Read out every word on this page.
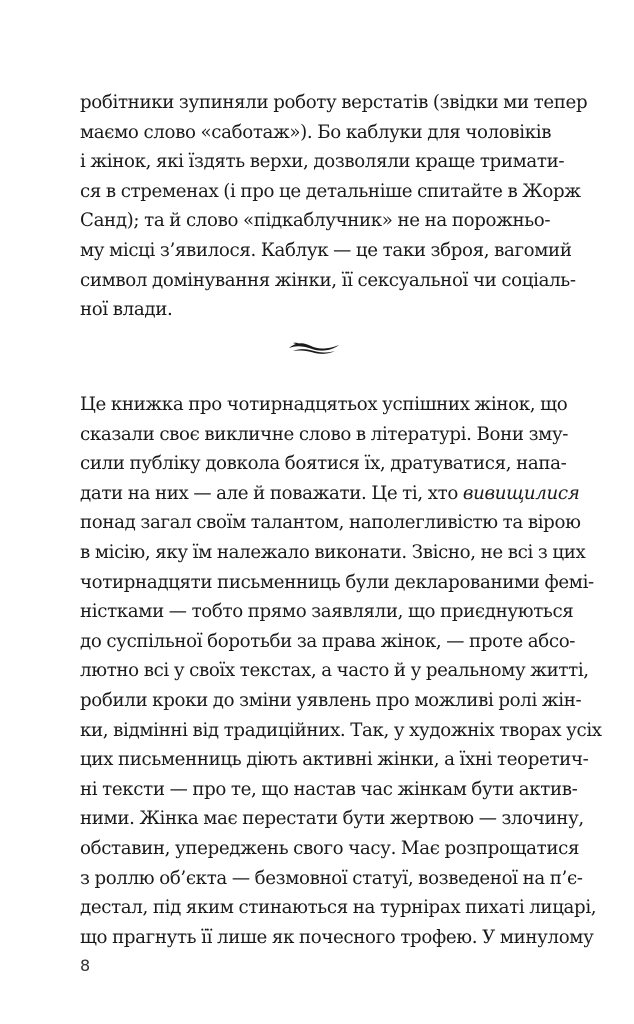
робітники зупиняли роботу верстатів (звідки ми тепер
маємо слово «саботаж»). Бо каблуки для чоловіків
і жінок, які їздять верхи, дозволяли краще тримати-
ся в стременах (і про це детальніше спитайте в Жорж
Санд); та й слово «підкаблучник» не на порожньо-
му місці з’явилося. Каблук — це таки зброя, вагомий
символ домінування жінки, її сексуальної чи соціаль-
ної влади.
Це книжка про чотирнадцятьох успішних жінок, що
сказали своє викличне слово в літературі. Вони зму-
сили публіку довкола боятися їх, дратуватися, напа-
дати на них — але й поважати. Це ті, хто вивищилися
понад загал своїм талантом, наполегливістю та вірою
в місію, яку їм належало виконати. Звісно, не всі з цих
чотирнадцяти письменниць були декларованими фемі-
ністками — тобто прямо заявляли, що приєднуються
до суспільної боротьби за права жінок, — проте абсо-
лютно всі у своїх текстах, а часто й у реальному житті,
робили кроки до зміни уявлень про можливі ролі жін-
ки, відмінні від традиційних. Так, у художніх творах усіх
цих письменниць діють активні жінки, а їхні теоретич-
ні тексти — про те, що настав час жінкам бути актив-
ними. Жінка має перестати бути жертвою — злочину,
обставин, упереджень свого часу. Має розпрощатися
з роллю об’єкта — безмовної статуї, возведеної на п’є-
дестал, під яким стинаються на турнірах пихаті лицарі,
що прагнуть її лише як почесного трофею. У минулому
8
